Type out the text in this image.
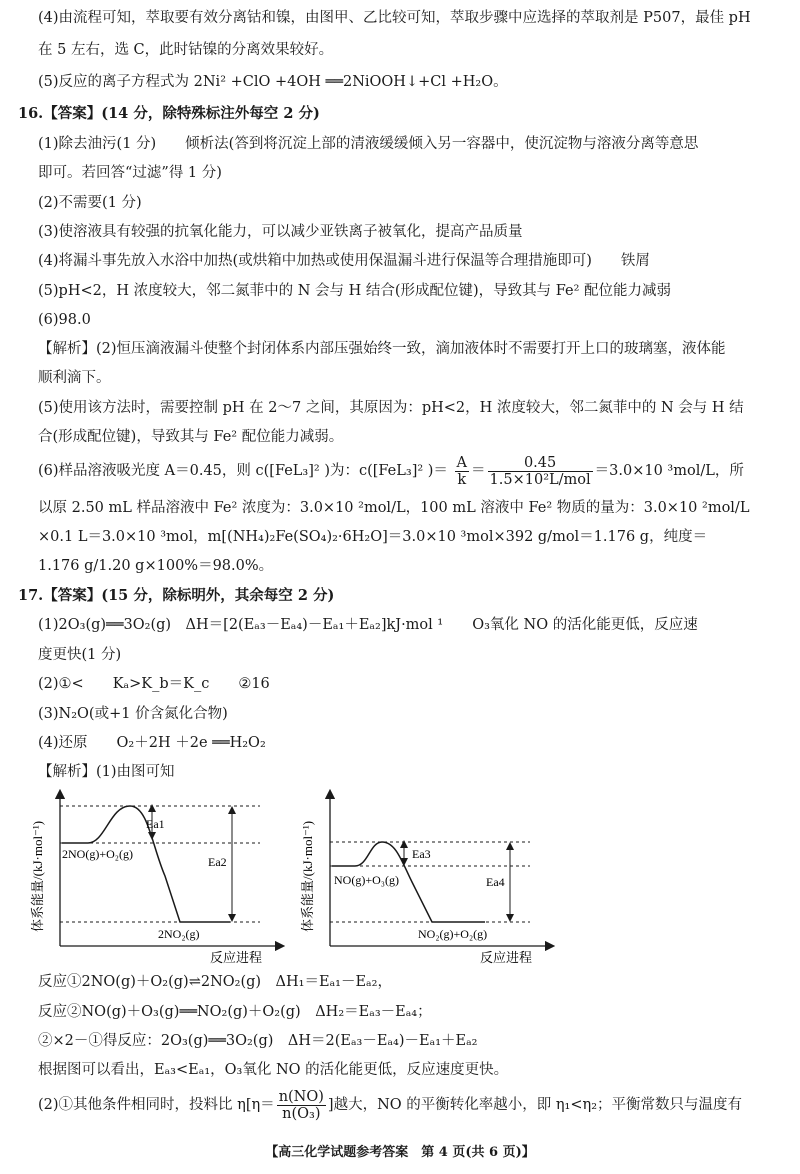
(4)由流程可知，萃取要有效分离钴和镍，由图甲、乙比较可知，萃取步骤中应选择的萃取剂是 P507，最佳 pH
在 5 左右，选 C，此时钴镍的分离效果较好。
(5)反应的离子方程式为 2Ni² +ClO +4OH ══2NiOOH↓+Cl +H₂O。
16.【答案】(14 分，除特殊标注外每空 2 分)
(1)除去油污(1 分)　　倾析法(答到将沉淀上部的清液缓缓倾入另一容器中，使沉淀物与溶液分离等意思
即可。若回答“过滤”得 1 分)
(2)不需要(1 分)
(3)使溶液具有较强的抗氧化能力，可以减少亚铁离子被氧化，提高产品质量
(4)将漏斗事先放入水浴中加热(或烘箱中加热或使用保温漏斗进行保温等合理措施即可)　　铁屑
(5)pH<2，H 浓度较大，邻二氮菲中的 N 会与 H 结合(形成配位键)，导致其与 Fe² 配位能力减弱
(6)98.0
【解析】(2)恒压滴液漏斗使整个封闭体系内部压强始终一致，滴加液体时不需要打开上口的玻璃塞，液体能
顺利滴下。
(5)使用该方法时，需要控制 pH 在 2～7 之间，其原因为：pH<2，H 浓度较大，邻二氮菲中的 N 会与 H 结
合(形成配位键)，导致其与 Fe² 配位能力减弱。
(6)样品溶液吸光度 A＝0.45，则 c([FeL₃]² )为：c([FeL₃]² )＝ $\frac{A}{k} = \frac{0.45}{\text{1.5×10²L/mol}} =3.0\times 10$ ³mol/L，所
以原 2.50 mL 样品溶液中 Fe² 浓度为：3.0×10 ²mol/L，100 mL 溶液中 Fe² 物质的量为：3.0×10 ²mol/L
×0.1 L＝3.0×10 ³mol，m[(NH₄)₂Fe(SO₄)₂·6H₂O]＝3.0×10 ³mol×392 g/mol＝1.176 g，纯度＝
1.176 g/1.20 g×100%＝98.0%。
17.【答案】(15 分，除标明外，其余每空 2 分)
(1)2O₃(g)══3O₂(g)　ΔH＝[2(Eₐ₃－Eₐ₄)－Eₐ₁＋Eₐ₂]kJ·mol ¹　　O₃氧化 NO 的活化能更低，反应速
度更快(1 分)
(2)①<　　Kₐ>K_b＝K_c　　②16
(3)N₂O(或+1 价含氮化合物)
(4)还原　　O₂＋2H ＋2e ══H₂O₂
【解析】(1)由图可知
体系能量/(kJ·mol⁻¹)
反应进程
Ea1
Ea2
2NO(g)+O₂(g)
2NO₂(g)
体系能量/(kJ·mol⁻¹)
反应进程
Ea3
Ea4
NO(g)+O₃(g)
NO₂(g)+O₂(g)
反应①2NO(g)＋O₂(g)⇌2NO₂(g)　ΔH₁＝Eₐ₁－Eₐ₂，
反应②NO(g)＋O₃(g)══NO₂(g)＋O₂(g)　ΔH₂＝Eₐ₃－Eₐ₄；
②×2－①得反应：2O₃(g)══3O₂(g)　ΔH＝2(Eₐ₃－Eₐ₄)－Eₐ₁＋Eₐ₂
根据图可以看出，Eₐ₃<Eₐ₁，O₃氧化 NO 的活化能更低，反应速度更快。
(2)①其他条件相同时，投料比 $\eta[\eta= \frac{n(NO)}{\text{n(O₃)}}$ ]越大，NO 的平衡转化率越小，即 η₁<η₂；平衡常数只与温度有
【高三化学试题参考答案　第 4 页(共 6 页)】
